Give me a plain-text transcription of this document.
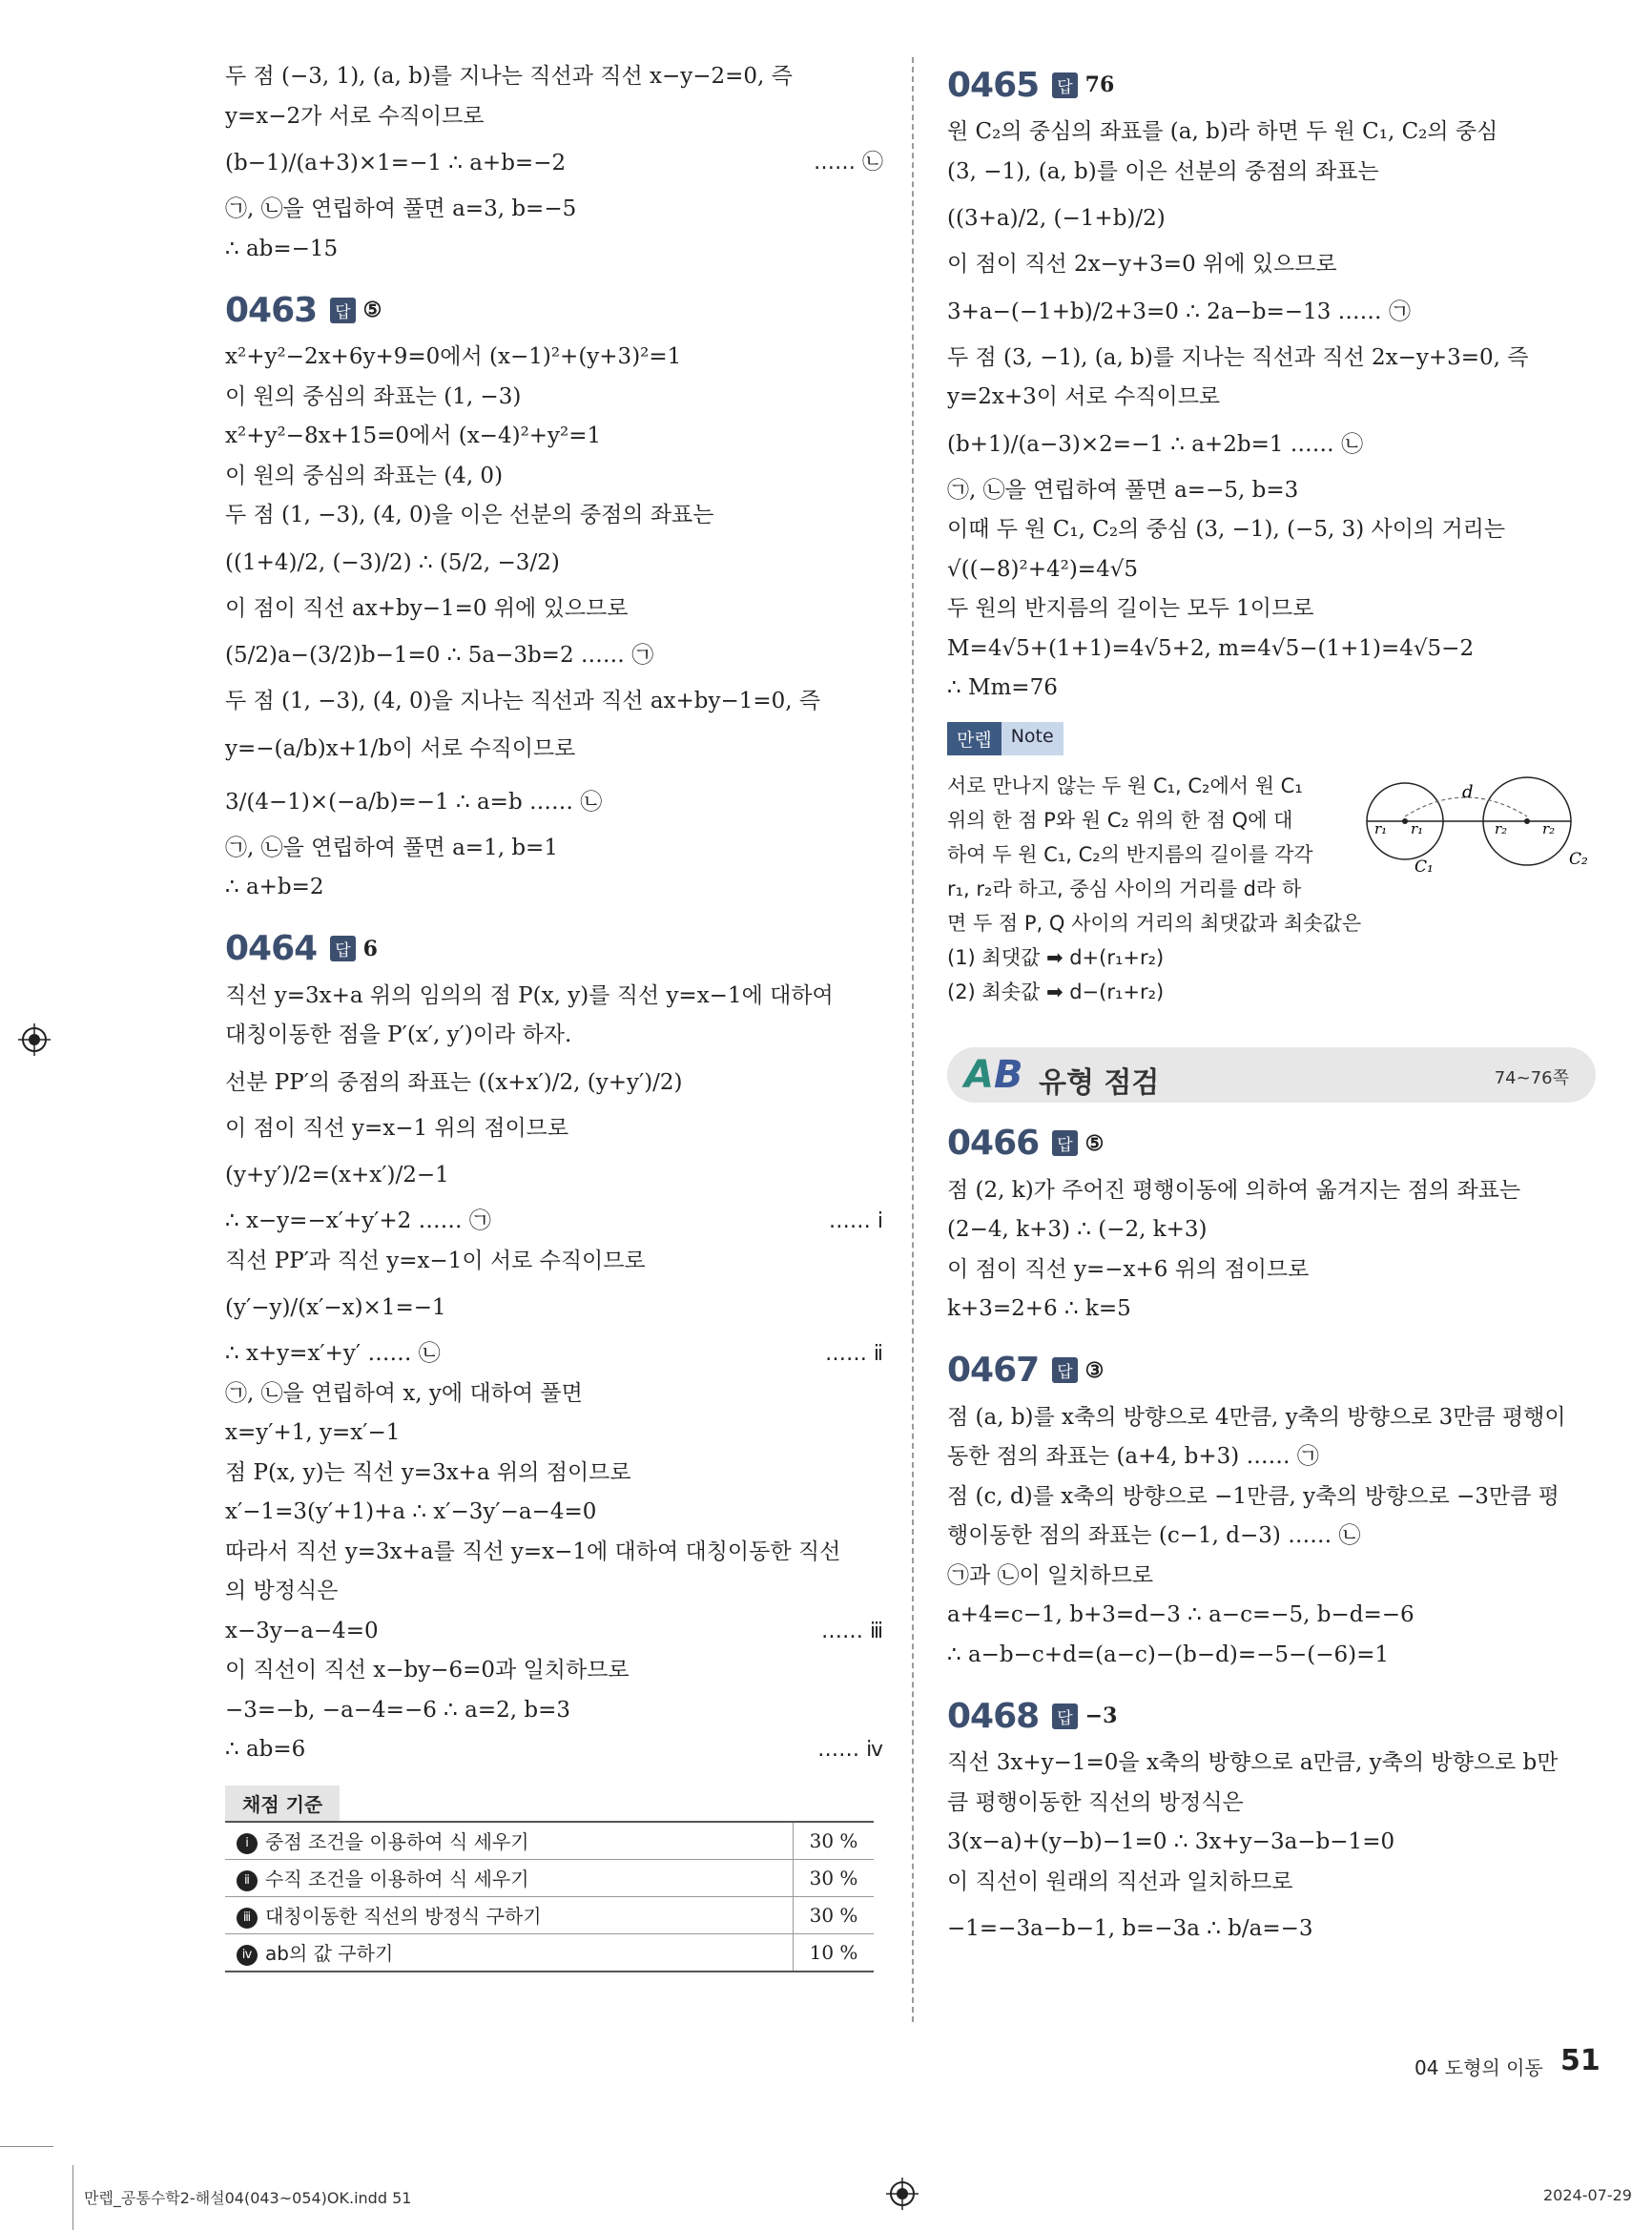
두 점 (−3, 1), (a, b)를 지나는 직선과 직선 x−y−2=0, 즉
y=x−2가 서로 수직이므로
(b−1)/(a+3)×1=−1 ∴ a+b=−2	…… ㉡
㉠, ㉡을 연립하여 풀면 a=3, b=−5
∴ ab=−15
0463 답 ⑤
x²+y²−2x+6y+9=0에서 (x−1)²+(y+3)²=1
이 원의 중심의 좌표는 (1, −3)
x²+y²−8x+15=0에서 (x−4)²+y²=1
이 원의 중심의 좌표는 (4, 0)
두 점 (1, −3), (4, 0)을 이은 선분의 중점의 좌표는
((1+4)/2, (−3)/2) ∴ (5/2, −3/2)
이 점이 직선 ax+by−1=0 위에 있으므로
(5/2)a−(3/2)b−1=0 ∴ 5a−3b=2 …… ㉠
두 점 (1, −3), (4, 0)을 지나는 직선과 직선 ax+by−1=0, 즉
y=−(a/b)x+1/b이 서로 수직이므로
3/(4−1)×(−a/b)=−1 ∴ a=b …… ㉡
㉠, ㉡을 연립하여 풀면 a=1, b=1
∴ a+b=2
0464 답 6
직선 y=3x+a 위의 임의의 점 P(x, y)를 직선 y=x−1에 대하여
대칭이동한 점을 P′(x′, y′)이라 하자.
선분 PP′의 중점의 좌표는 ((x+x′)/2, (y+y′)/2)
이 점이 직선 y=x−1 위의 점이므로
(y+y′)/2=(x+x′)/2−1
∴ x−y=−x′+y′+2 …… ㉠	…… ⅰ
직선 PP′과 직선 y=x−1이 서로 수직이므로
(y′−y)/(x′−x)×1=−1
∴ x+y=x′+y′ …… ㉡	…… ⅱ
㉠, ㉡을 연립하여 x, y에 대하여 풀면
x=y′+1, y=x′−1
점 P(x, y)는 직선 y=3x+a 위의 점이므로
x′−1=3(y′+1)+a ∴ x′−3y′−a−4=0
따라서 직선 y=3x+a를 직선 y=x−1에 대하여 대칭이동한 직선
의 방정식은
x−3y−a−4=0	…… ⅲ
이 직선이 직선 x−by−6=0과 일치하므로
−3=−b, −a−4=−6 ∴ a=2, b=3
∴ ab=6	…… ⅳ
채점 기준
ⅰ 중점 조건을 이용하여 식 세우기	30 %
ⅱ 수직 조건을 이용하여 식 세우기	30 %
ⅲ 대칭이동한 직선의 방정식 구하기	30 %
ⅳ ab의 값 구하기	10 %
0465 답 76
원 C₂의 중심의 좌표를 (a, b)라 하면 두 원 C₁, C₂의 중심
(3, −1), (a, b)를 이은 선분의 중점의 좌표는
((3+a)/2, (−1+b)/2)
이 점이 직선 2x−y+3=0 위에 있으므로
3+a−(−1+b)/2+3=0 ∴ 2a−b=−13 …… ㉠
두 점 (3, −1), (a, b)를 지나는 직선과 직선 2x−y+3=0, 즉
y=2x+3이 서로 수직이므로
(b+1)/(a−3)×2=−1 ∴ a+2b=1 …… ㉡
㉠, ㉡을 연립하여 풀면 a=−5, b=3
이때 두 원 C₁, C₂의 중심 (3, −1), (−5, 3) 사이의 거리는
√((−8)²+4²)=4√5
두 원의 반지름의 길이는 모두 1이므로
M=4√5+(1+1)=4√5+2, m=4√5−(1+1)=4√5−2
∴ Mm=76
만렙	Note
서로 만나지 않는 두 원 C₁, C₂에서 원 C₁
위의 한 점 P와 원 C₂ 위의 한 점 Q에 대
하여 두 원 C₁, C₂의 반지름의 길이를 각각
r₁, r₂라 하고, 중심 사이의 거리를 d라 하
면 두 점 P, Q 사이의 거리의 최댓값과 최솟값은
(1) 최댓값 ➡ d+(r₁+r₂)
(2) 최솟값 ➡ d−(r₁+r₂)
d
r₁ r₁	r₂ r₂
C₁	C₂
AB 유형 점검	74~76쪽
0466 답 ⑤
점 (2, k)가 주어진 평행이동에 의하여 옮겨지는 점의 좌표는
(2−4, k+3) ∴ (−2, k+3)
이 점이 직선 y=−x+6 위의 점이므로
k+3=2+6 ∴ k=5
0467 답 ③
점 (a, b)를 x축의 방향으로 4만큼, y축의 방향으로 3만큼 평행이
동한 점의 좌표는 (a+4, b+3) …… ㉠
점 (c, d)를 x축의 방향으로 −1만큼, y축의 방향으로 −3만큼 평
행이동한 점의 좌표는 (c−1, d−3) …… ㉡
㉠과 ㉡이 일치하므로
a+4=c−1, b+3=d−3 ∴ a−c=−5, b−d=−6
∴ a−b−c+d=(a−c)−(b−d)=−5−(−6)=1
0468 답 −3
직선 3x+y−1=0을 x축의 방향으로 a만큼, y축의 방향으로 b만
큼 평행이동한 직선의 방정식은
3(x−a)+(y−b)−1=0 ∴ 3x+y−3a−b−1=0
이 직선이 원래의 직선과 일치하므로
−1=−3a−b−1, b=−3a ∴ b/a=−3
04 도형의 이동 51
만렙_공통수학2-해설04(043~054)OK.indd 51	2024-07-29
